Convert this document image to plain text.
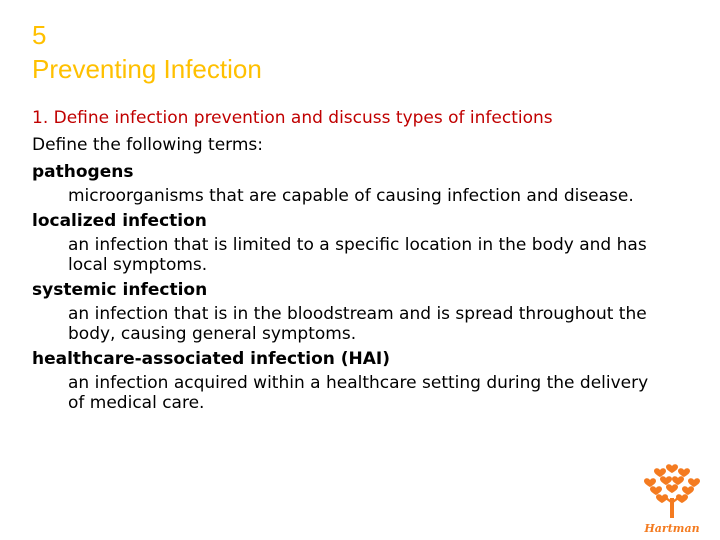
5
Preventing Infection
1. Define infection prevention and discuss types of infections
Define the following terms:
pathogens
microorganisms that are capable of causing infection and disease.
localized infection
an infection that is limited to a specific location in the body and has local symptoms.
systemic infection
an infection that is in the bloodstream and is spread throughout the body, causing general symptoms.
healthcare-associated infection (HAI)
an infection acquired within a healthcare setting during the delivery of medical care.
Hartman
